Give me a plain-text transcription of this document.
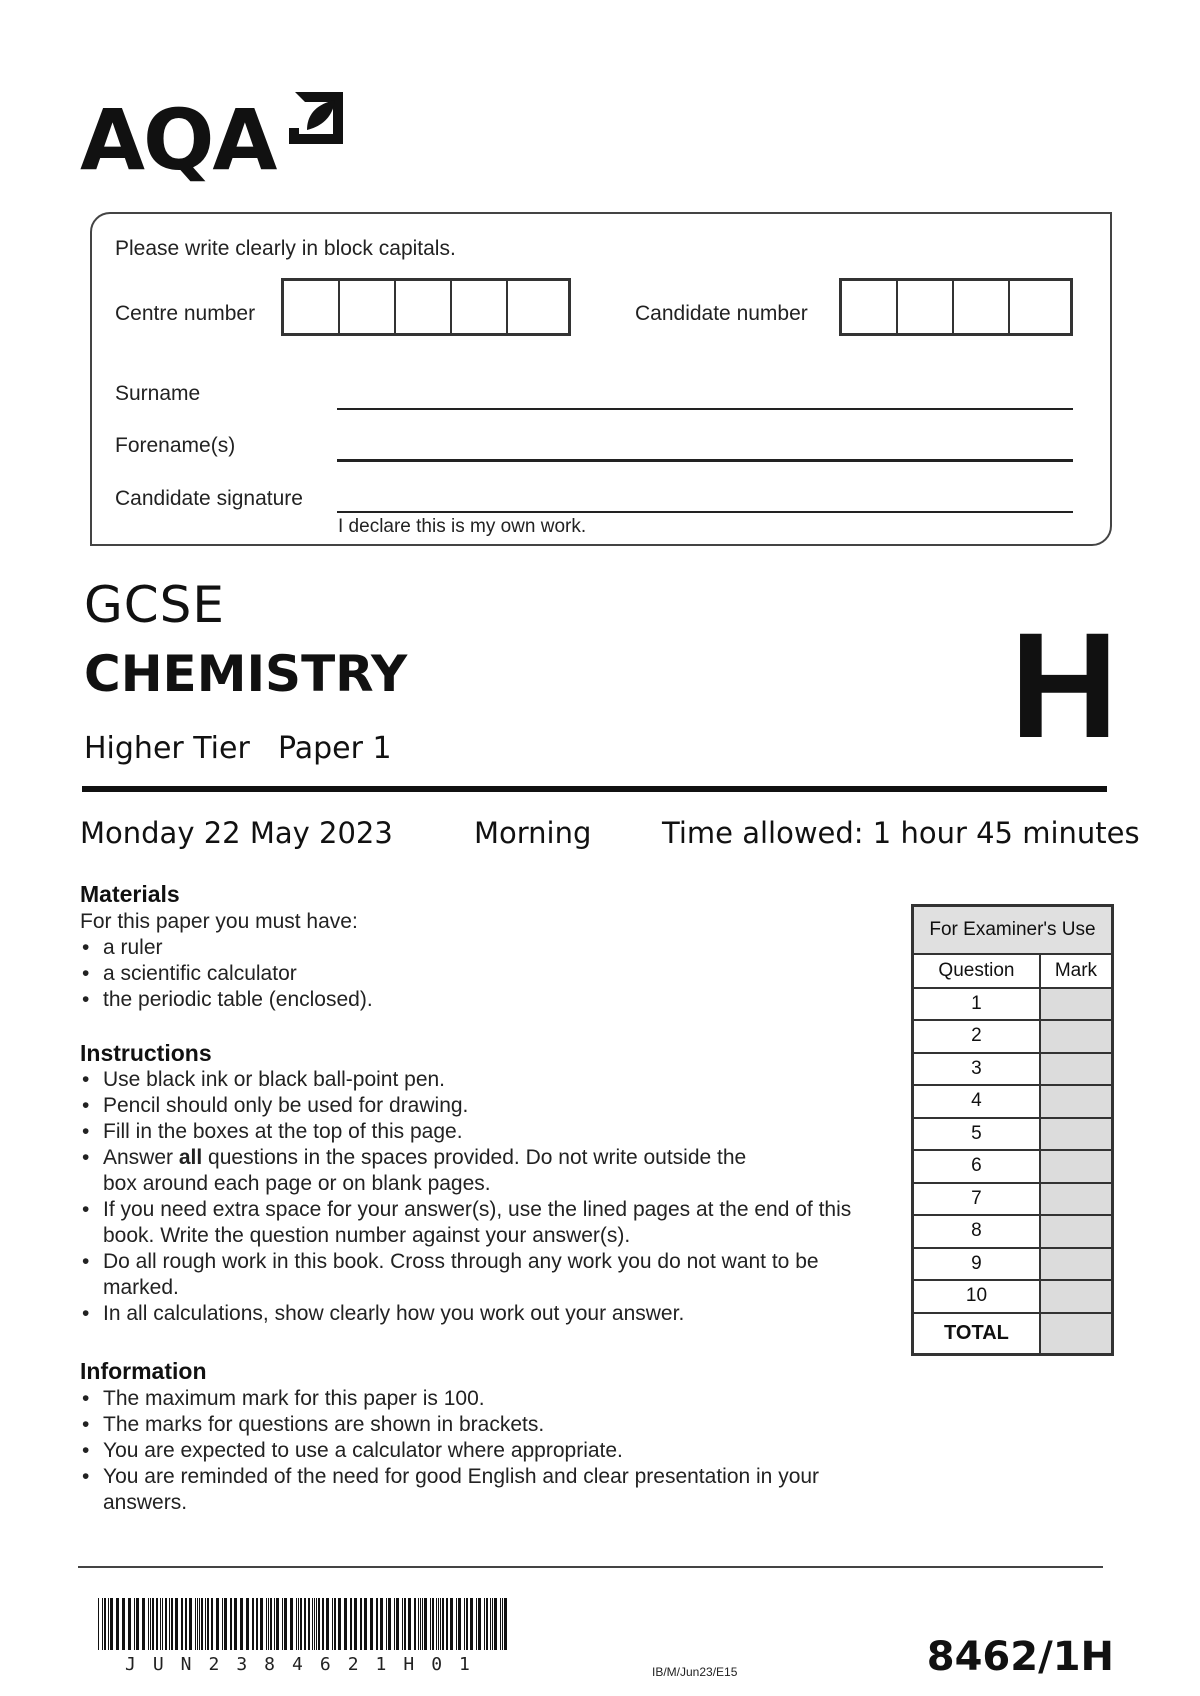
AQA
Please write clearly in block capitals.
Centre number	Candidate number
Surname
Forename(s)
Candidate signature
I declare this is my own work.
GCSE
CHEMISTRY
Higher Tier Paper 1	H
Monday 22 May 2023	Morning Time allowed: 1 hour 45 minutes
Materials
For this paper you must have:
• a ruler
• a scientific calculator
• the periodic table (enclosed).
Instructions
• Use black ink or black ball-point pen.
• Pencil should only be used for drawing.
• Fill in the boxes at the top of this page.
• Answer all questions in the spaces provided. Do not write outside the box around each page or on blank pages.
• If you need extra space for your answer(s), use the lined pages at the end of this book. Write the question number against your answer(s).
• Do all rough work in this book. Cross through any work you do not want to be marked.
• In all calculations, show clearly how you work out your answer.
Information
• The maximum mark for this paper is 100.
• The marks for questions are shown in brackets.
• You are expected to use a calculator where appropriate.
• You are reminded of the need for good English and clear presentation in your answers.
For Examiner's Use	
Question	Mark
1	
2	
3	
4	
5	
6	
7	
8	
9	
10	
TOTAL	
JUN2384621H01	IB/M/Jun23/E15	8462/1H
